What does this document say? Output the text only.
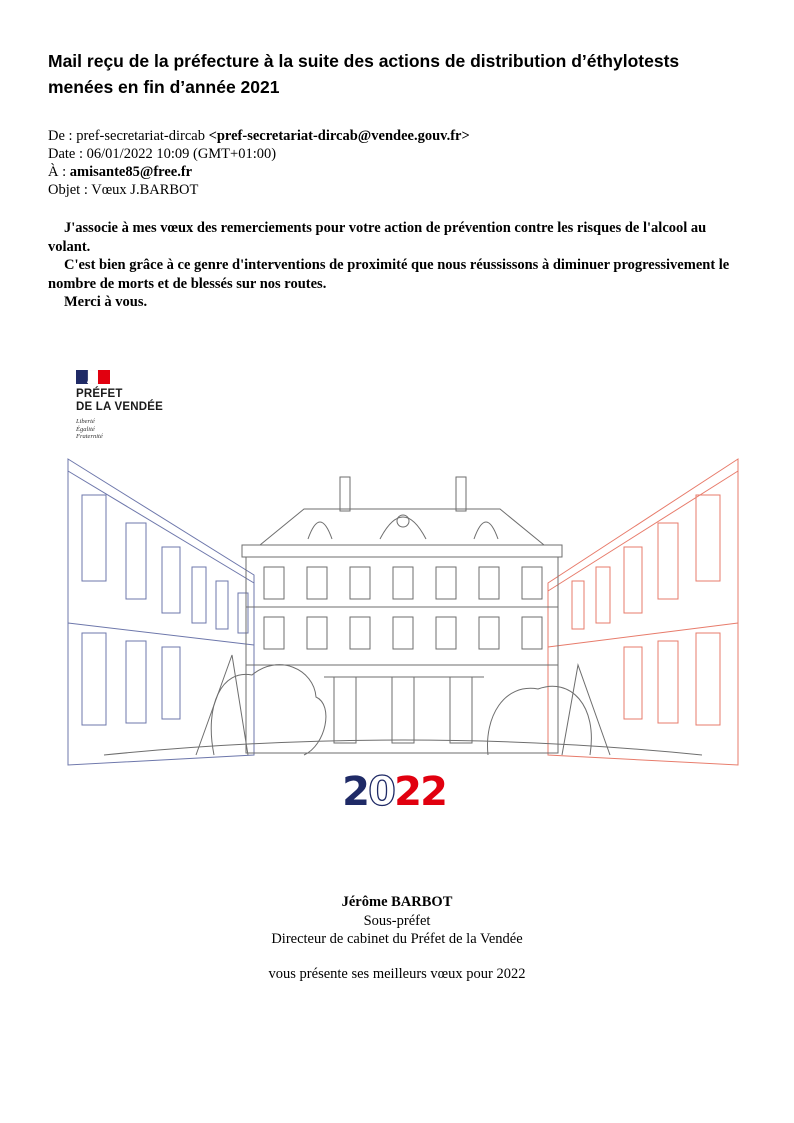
Mail reçu de la préfecture à la suite des actions de distribution d’éthylotests menées en fin d’année 2021
De : pref-secretariat-dircab <pref-secretariat-dircab@vendee.gouv.fr>
Date : 06/01/2022 10:09 (GMT+01:00)
À : amisante85@free.fr
Objet : Vœux J.BARBOT

J'associe à mes vœux des remerciements pour votre action de prévention contre les risques de l'alcool au volant.

C'est bien grâce à ce genre d'interventions de proximité que nous réussissons à diminuer progressivement le nombre de morts et de blessés sur nos routes.

Merci à vous.

PRÉFET
DE LA VENDÉE
Liberté
Égalité
Fraternité
2
0
2
2
Jérôme BARBOT
Sous-préfet
Directeur de cabinet du Préfet de la Vendée
vous présente ses meilleurs vœux pour 2022
